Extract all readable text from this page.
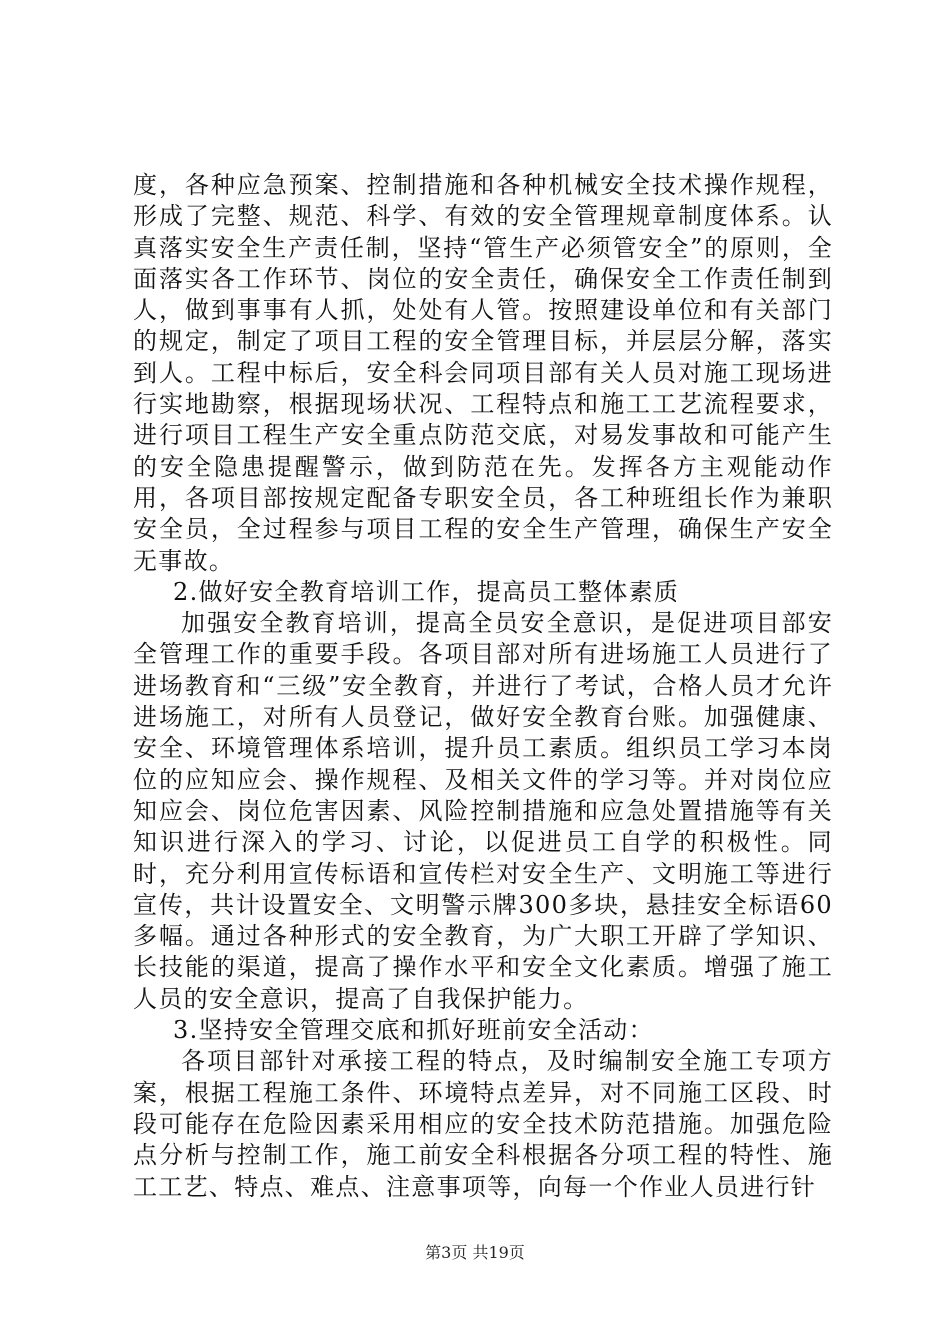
度，各种应急预案、控制措施和各种机械安全技术操作规程，形成了完整、规范、科学、有效的安全管理规章制度体系。认真落实安全生产责任制，坚持“管生产必须管安全”的原则，全面落实各工作环节、岗位的安全责任，确保安全工作责任制到人，做到事事有人抓，处处有人管。按照建设单位和有关部门的规定，制定了项目工程的安全管理目标，并层层分解，落实到人。工程中标后，安全科会同项目部有关人员对施工现场进行实地勘察，根据现场状况、工程特点和施工工艺流程要求，进行项目工程生产安全重点防范交底，对易发事故和可能产生的安全隐患提醒警示，做到防范在先。发挥各方主观能动作用，各项目部按规定配备专职安全员，各工种班组长作为兼职安全员，全过程参与项目工程的安全生产管理，确保生产安全无事故。

2.做好安全教育培训工作，提高员工整体素质

加强安全教育培训，提高全员安全意识，是促进项目部安全管理工作的重要手段。各项目部对所有进场施工人员进行了进场教育和“三级”安全教育，并进行了考试，合格人员才允许进场施工，对所有人员登记，做好安全教育台账。加强健康、安全、环境管理体系培训，提升员工素质。组织员工学习本岗位的应知应会、操作规程、及相关文件的学习等。并对岗位应知应会、岗位危害因素、风险控制措施和应急处置措施等有关知识进行深入的学习、讨论，以促进员工自学的积极性。同时，充分利用宣传标语和宣传栏对安全生产、文明施工等进行宣传，共计设置安全、文明警示牌300多块，悬挂安全标语60多幅。通过各种形式的安全教育，为广大职工开辟了学知识、长技能的渠道，提高了操作水平和安全文化素质。增强了施工人员的安全意识，提高了自我保护能力。

3.坚持安全管理交底和抓好班前安全活动：

各项目部针对承接工程的特点，及时编制安全施工专项方案，根据工程施工条件、环境特点差异，对不同施工区段、时段可能存在危险因素采用相应的安全技术防范措施。加强危险点分析与控制工作，施工前安全科根据各分项工程的特性、施工工艺、特点、难点、注意事项等，向每一个作业人员进行针

第3页 共19页
